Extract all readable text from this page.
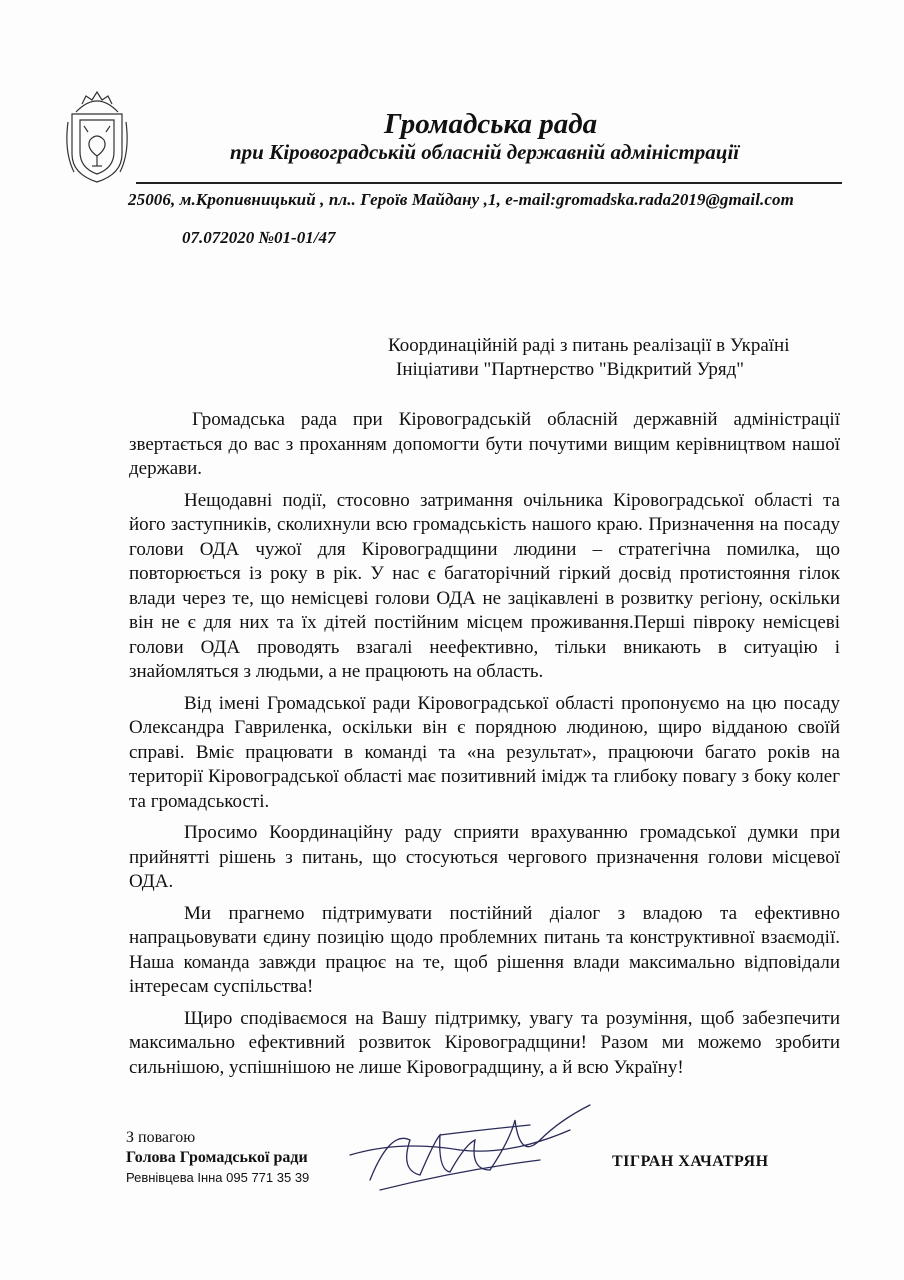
Громадська рада
при Кіровоградській обласній державній адміністрації
25006, м.Кропивницький , пл.. Героїв Майдану ,1, e-mail:gromadska.rada2019@gmail.com
07.072020 №01-01/47
Координаційній раді з питань реалізації в Україні
Ініціативи "Партнерство "Відкритий Уряд"

Громадська рада при Кіровоградській обласній державній адміністрації звертається до вас з проханням допомогти бути почутими вищим керівництвом нашої держави.

Нещодавні події, стосовно затримання очільника Кіровоградської області та його заступників, сколихнули всю громадськість нашого краю. Призначення на посаду голови ОДА чужої для Кіровоградщини людини – стратегічна помилка, що повторюється із року в рік. У нас є багаторічний гіркий досвід протистояння гілок влади через те, що немісцеві голови ОДА не зацікавлені в розвитку регіону, оскільки він не є для них та їх дітей постійним місцем проживання.Перші півроку немісцеві голови ОДА проводять взагалі неефективно, тільки вникають в ситуацію і знайомляться з людьми, а не працюють на область.

Від імені Громадської ради Кіровоградської області пропонуємо на цю посаду Олександра Гавриленка, оскільки він є порядною людиною, щиро відданою своїй справі. Вміє працювати в команді та «на результат», працюючи багато років на території Кіровоградської області має позитивний імідж та глибоку повагу з боку колег та громадськості.

Просимо Координаційну раду сприяти врахуванню громадської думки при прийнятті рішень з питань, що стосуються чергового призначення голови місцевої ОДА.

Ми прагнемо підтримувати постійний діалог з владою та ефективно напрацьовувати єдину позицію щодо проблемних питань та конструктивної взаємодії. Наша команда завжди працює на те, щоб рішення влади максимально відповідали інтересам суспільства!

Щиро сподіваємося на Вашу підтримку, увагу та розуміння, щоб забезпечити максимально ефективний розвиток Кіровоградщини! Разом ми можемо зробити сильнішою, успішнішою не лише Кіровоградщину, а й всю Україну!

З повагою
Голова Громадської ради
Ревнівцева Інна 095 771 35 39
ТІГРАН ХАЧАТРЯН
